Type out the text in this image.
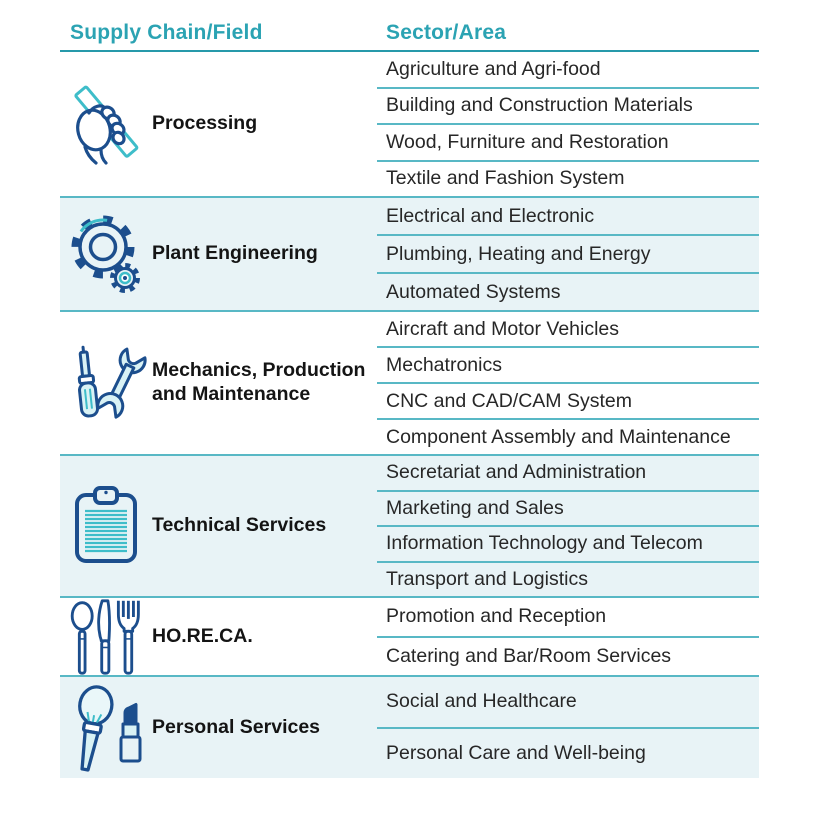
Supply Chain/Field	Sector/Area
Processing
Agriculture and Agri-food
Building and Construction Materials
Wood, Furniture and Restoration
Textile and Fashion System
Plant Engineering
Electrical and Electronic
Plumbing, Heating and Energy
Automated Systems
Mechanics, Production and Maintenance
Aircraft and Motor Vehicles
Mechatronics
CNC and CAD/CAM System
Component Assembly and Maintenance
Technical Services
Secretariat and Administration
Marketing and Sales
Information Technology and Telecom
Transport and Logistics
HO.RE.CA.
Promotion and Reception
Catering and Bar/Room Services
Personal Services
Social and Healthcare
Personal Care and Well-being
